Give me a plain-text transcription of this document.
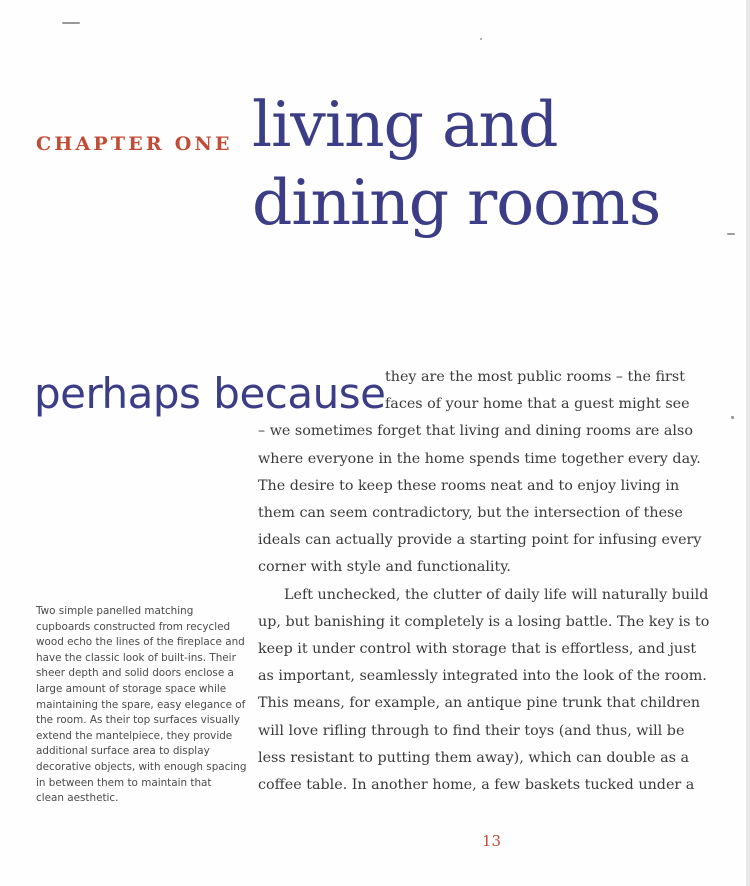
CHAPTER ONE living and
dining rooms
perhaps because they are the most public rooms – the first
faces of your home that a guest might see
– we sometimes forget that living and dining rooms are also
where everyone in the home spends time together every day.
The desire to keep these rooms neat and to enjoy living in
them can seem contradictory, but the intersection of these
ideals can actually provide a starting point for infusing every
corner with style and functionality.

Left unchecked, the clutter of daily life will naturally build
up, but banishing it completely is a losing battle. The key is to
keep it under control with storage that is effortless, and just
as important, seamlessly integrated into the look of the room.
This means, for example, an antique pine trunk that children
will love rifling through to find their toys (and thus, will be
less resistant to putting them away), which can double as a
coffee table. In another home, a few baskets tucked under a

Two simple panelled matching
cupboards constructed from recycled
wood echo the lines of the fireplace and
have the classic look of built-ins. Their
sheer depth and solid doors enclose a
large amount of storage space while
maintaining the spare, easy elegance of
the room. As their top surfaces visually
extend the mantelpiece, they provide
additional surface area to display
decorative objects, with enough spacing
in between them to maintain that
clean aesthetic.
13
